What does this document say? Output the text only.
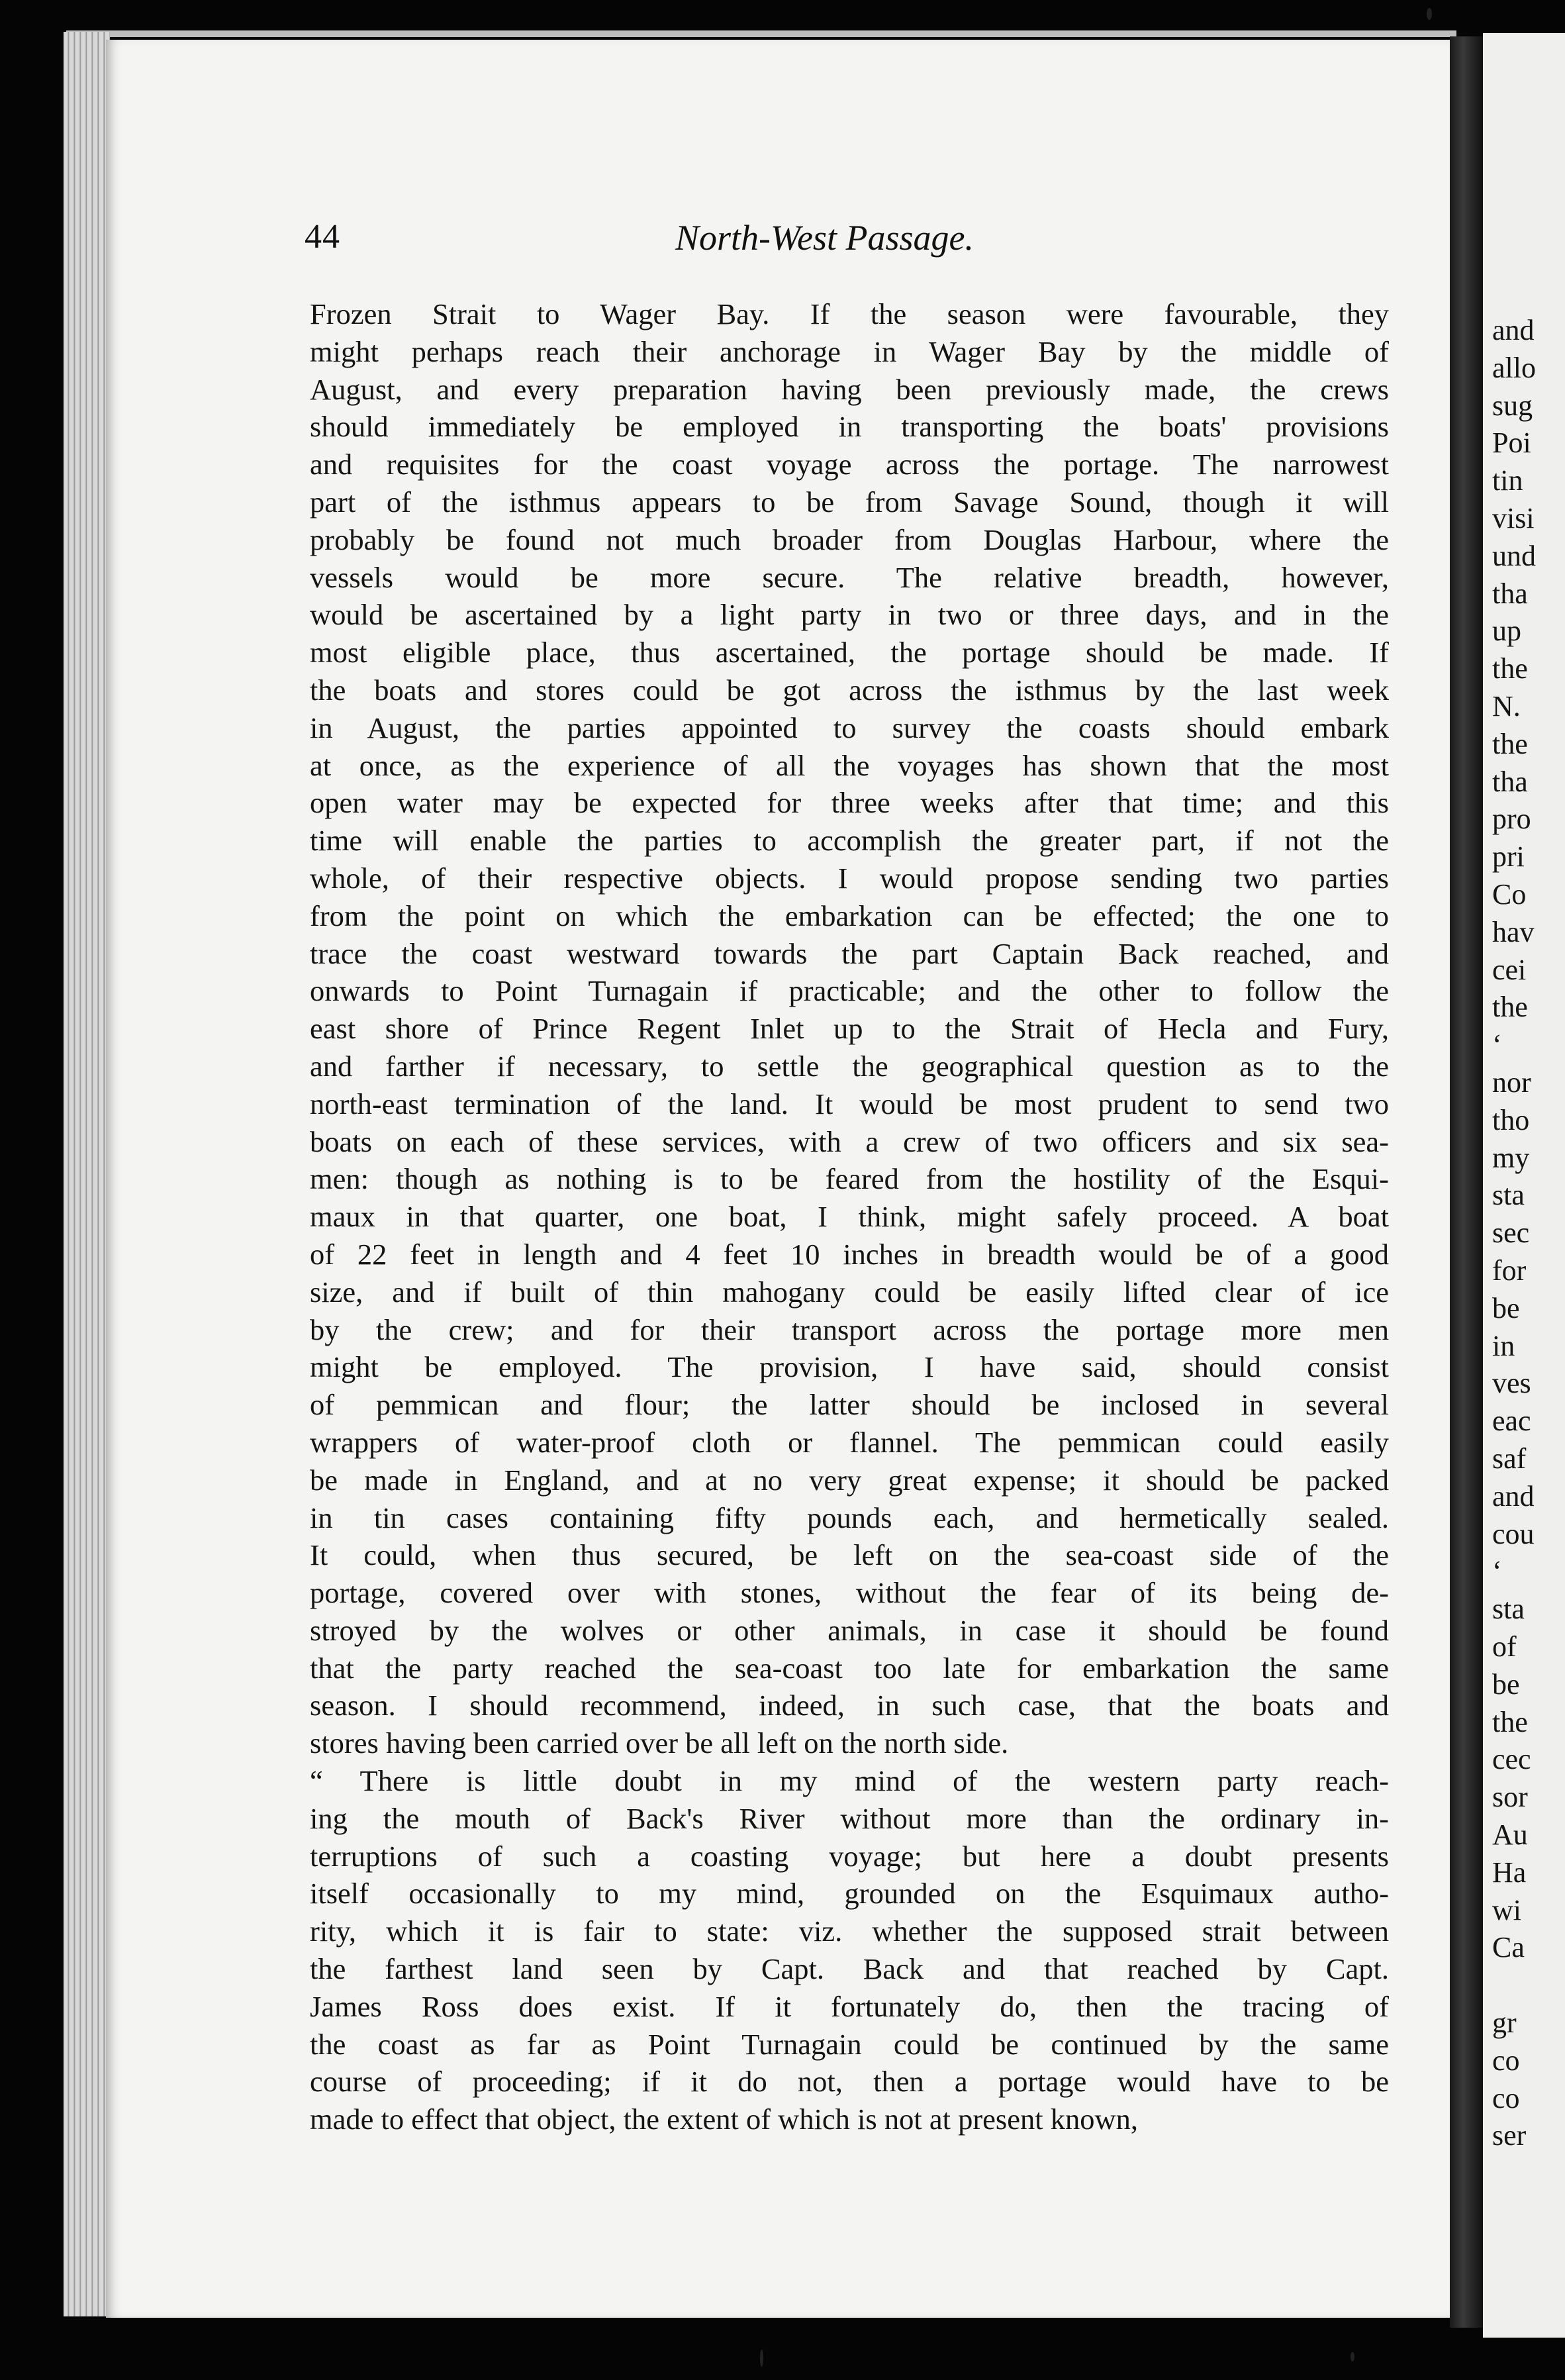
and
allo
sug
Poi
tin
visi
und
tha
up
the
N.
the
tha
pro
pri
Co
hav
cei
the
‘
nor
tho
my
sta
sec
for
be
in
ves
eac
saf
and
cou
‘
sta
of
be
the
cec
sor
Au
Ha
wi
Ca
gr
co
co
ser
44	North-West Passage.
Frozen Strait to Wager Bay. If the season were favourable, they
might perhaps reach their anchorage in Wager Bay by the middle of
August, and every preparation having been previously made, the crews
should immediately be employed in transporting the boats' provisions
and requisites for the coast voyage across the portage. The narrowest
part of the isthmus appears to be from Savage Sound, though it will
probably be found not much broader from Douglas Harbour, where the
vessels would be more secure. The relative breadth, however,
would be ascertained by a light party in two or three days, and in the
most eligible place, thus ascertained, the portage should be made. If
the boats and stores could be got across the isthmus by the last week
in August, the parties appointed to survey the coasts should embark
at once, as the experience of all the voyages has shown that the most
open water may be expected for three weeks after that time; and this
time will enable the parties to accomplish the greater part, if not the
whole, of their respective objects. I would propose sending two parties
from the point on which the embarkation can be effected; the one to
trace the coast westward towards the part Captain Back reached, and
onwards to Point Turnagain if practicable; and the other to follow the
east shore of Prince Regent Inlet up to the Strait of Hecla and Fury,
and farther if necessary, to settle the geographical question as to the
north-east termination of the land. It would be most prudent to send two
boats on each of these services, with a crew of two officers and six sea-
men: though as nothing is to be feared from the hostility of the Esqui-
maux in that quarter, one boat, I think, might safely proceed. A boat
of 22 feet in length and 4 feet 10 inches in breadth would be of a good
size, and if built of thin mahogany could be easily lifted clear of ice
by the crew; and for their transport across the portage more men
might be employed. The provision, I have said, should consist
of pemmican and flour; the latter should be inclosed in several
wrappers of water-proof cloth or flannel. The pemmican could easily
be made in England, and at no very great expense; it should be packed
in tin cases containing fifty pounds each, and hermetically sealed.
It could, when thus secured, be left on the sea-coast side of the
portage, covered over with stones, without the fear of its being de-
stroyed by the wolves or other animals, in case it should be found
that the party reached the sea-coast too late for embarkation the same
season. I should recommend, indeed, in such case, that the boats and
stores having been carried over be all left on the north side.
“ There is little doubt in my mind of the western party reach-
ing the mouth of Back's River without more than the ordinary in-
terruptions of such a coasting voyage; but here a doubt presents
itself occasionally to my mind, grounded on the Esquimaux autho-
rity, which it is fair to state: viz. whether the supposed strait between
the farthest land seen by Capt. Back and that reached by Capt.
James Ross does exist. If it fortunately do, then the tracing of
the coast as far as Point Turnagain could be continued by the same
course of proceeding; if it do not, then a portage would have to be
made to effect that object, the extent of which is not at present known,
